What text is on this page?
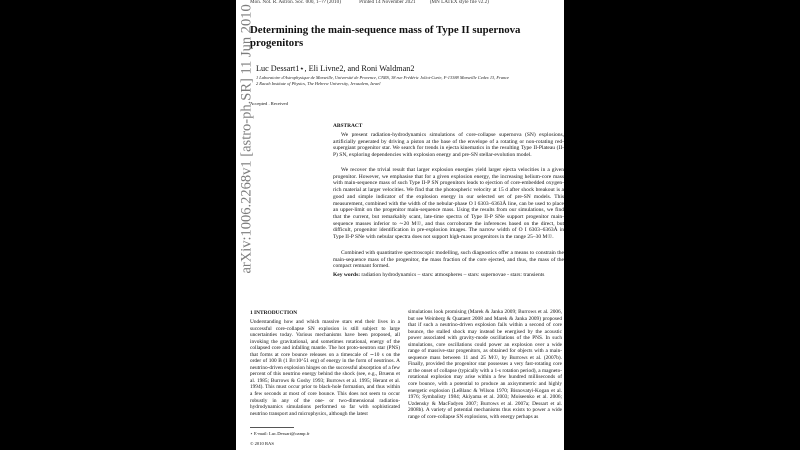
Mon. Not. R. Astron. Soc. 000, 1–?? (2010)	Printed 14 November 2021	(MN LATEX style file v2.2)
arXiv:1006.2268v1 [astro-ph.SR] 11 Jun 2010
Determining the main-sequence mass of Type II supernova progenitors
Luc Dessart1⋆, Eli Livne2, and Roni Waldman2
1 Laboratoire d'Astrophysique de Marseille, Université de Provence, CNRS, 38 rue Frédéric Joliot-Curie, F-13388 Marseille Cedex 13, France
2 Racah Institute of Physics, The Hebrew University, Jerusalem, Israel
Accepted . Received
ABSTRACT
We present radiation-hydrodynamics simulations of core-collapse supernova (SN) explosions, artificially generated by driving a piston at the base of the envelope of a rotating or non-rotating red-supergiant progenitor star. We search for trends in ejecta kinematics in the resulting Type II-Plateau (II-P) SN, exploring dependencies with explosion energy and pre-SN stellar-evolution model.
We recover the trivial result that larger explosion energies yield larger ejecta velocities in a given progenitor. However, we emphasise that for a given explosion energy, the increasing helium-core mass with main-sequence mass of such Type II-P SN progenitors leads to ejection of core-embedded oxygen-rich material at larger velocities. We find that the photospheric velocity at 15 d after shock breakout is a good and simple indicator of the explosion energy in our selected set of pre-SN models. This measurement, combined with the width of the nebular-phase O I 6303–6363Å line, can be used to place an upper-limit on the progenitor main-sequence mass. Using the results from our simulations, we find that the current, but remarkably scant, late-time spectra of Type II-P SNe support progenitor main-sequence masses inferior to ∼20 M☉, and thus corroborate the inferences based on the direct, but difficult, progenitor identification in pre-explosion images. The narrow width of O I 6303–6363Å in Type II-P SNe with nebular spectra does not support high-mass progenitors in the range 25–30 M☉.
Combined with quantitative spectroscopic modelling, such diagnostics offer a means to constrain the main-sequence mass of the progenitor, the mass fraction of the core ejected, and thus, the mass of the compact remnant formed.
Key words: radiation hydrodynamics – stars: atmospheres – stars: supernovae - stars: transients
1 INTRODUCTION
Understanding how and which massive stars end their lives in a successful core-collapse SN explosion is still subject to large uncertainties today. Various mechanisms have been proposed, all invoking the gravitational, and sometimes rotational, energy of the collapsed core and infalling mantle. The hot proto-neutron star (PNS) that forms at core bounce releases on a timescale of ∼10 s on the order of 100 B (1 B≡10^51 erg) of energy in the form of neutrinos. A neutrino-driven explosion hinges on the successful absorption of a few percent of this neutrino energy behind the shock (see, e.g., Bruenn et al. 1985; Burrows & Goshy 1993; Burrows et al. 1995; Herant et al. 1994). This must occur prior to black-hole formation, and thus within a few seconds at most of core bounce. This does not seem to occur robustly in any of the one- or two-dimensional radiation-hydrodynamics simulations performed so far with sophisticated neutrino transport and microphysics, although the latest
simulations look promising (Marek & Janka 2009; Burrows et al. 2006, but see Weinberg & Quataert 2008 and Marek & Janka 2009) proposed that if such a neutrino-driven explosion fails within a second of core bounce, the stalled shock may instead be energised by the acoustic power associated with gravity-mode oscillations of the PNS. In such simulations, core oscillations could power an explosion over a wide range of massive-star progenitors, as obtained for objects with a main-sequence mass between 11 and 25 M☉, by Burrows et al. (2007b). Finally, provided the progenitor star possesses a very fast-rotating core at the onset of collapse (typically with a 1-s rotation period), a magneto-rotational explosion may arise within a few hundred milliseconds of core bounce, with a potential to produce an axisymmetric and highly energetic explosion (LeBlanc & Wilson 1970; Bisnovatyi-Kogan et al. 1976; Symbalisty 1984; Akiyama et al. 2003; Moiseenko et al. 2006; Uzdensky & MacFadyen 2007; Burrows et al. 2007a; Dessart et al. 2008b). A variety of potential mechanisms thus exists to power a wide range of core-collapse SN explosions, with energy perhaps as
⋆ E-mail: Luc.Dessart@oamp.fr
© 2010 RAS
